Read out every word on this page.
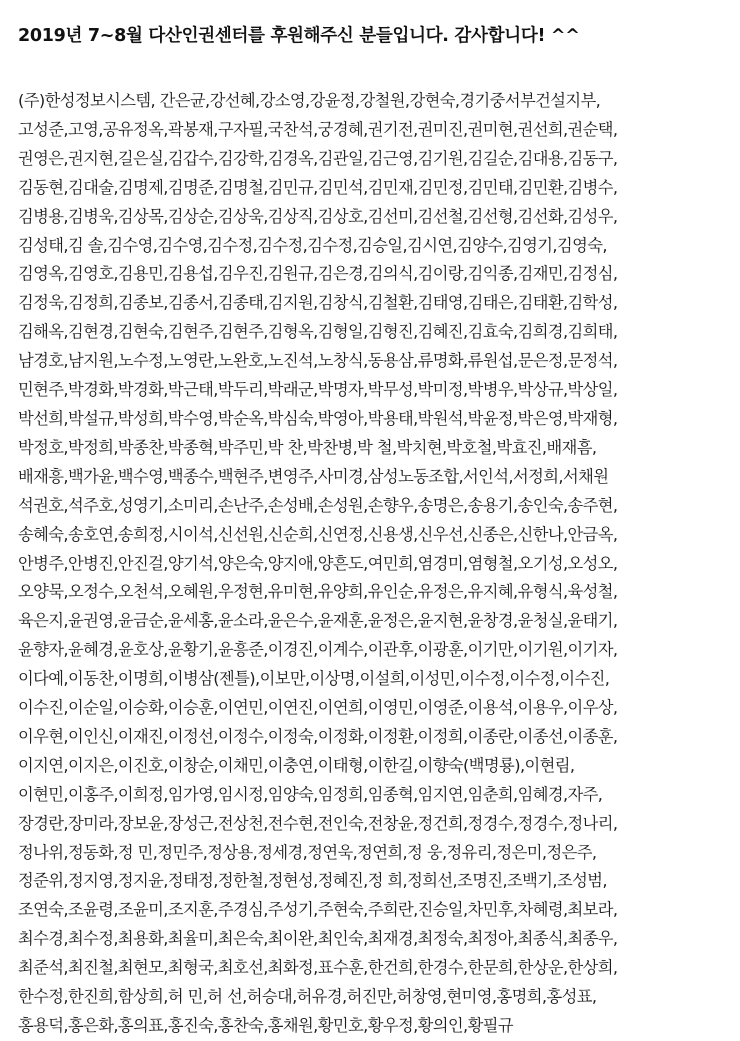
2019년 7~8월 다산인권센터를 후원해주신 분들입니다. 감사합니다! ^^
(주)한성정보시스템, 간은균,강선혜,강소영,강윤정,강철원,강현숙,경기중서부건설지부,
고성준,고영,공유정옥,곽봉재,구자필,국찬석,궁경혜,권기전,권미진,권미현,권선희,권순택,
권영은,권지현,길은실,김갑수,김강학,김경옥,김관일,김근영,김기원,김길순,김대용,김동구,
김동현,김대술,김명제,김명준,김명철,김민규,김민석,김민재,김민정,김민태,김민환,김병수,
김병용,김병욱,김상목,김상순,김상욱,김상직,김상호,김선미,김선철,김선형,김선화,김성우,
김성태,김 솔,김수영,김수영,김수정,김수정,김수정,김승일,김시연,김양수,김영기,김영숙,
김영옥,김영호,김용민,김용섭,김우진,김원규,김은경,김의식,김이랑,김익종,김재민,김정심,
김정욱,김정희,김종보,김종서,김종태,김지원,김창식,김철환,김태영,김태은,김태환,김학성,
김해옥,김현경,김현숙,김현주,김현주,김형옥,김형일,김형진,김혜진,김효숙,김희경,김희태,
남경호,남지원,노수정,노영란,노완호,노진석,노창식,동용삼,류명화,류원섭,문은정,문정석,
민현주,박경화,박경화,박근태,박두리,박래군,박명자,박무성,박미정,박병우,박상규,박상일,
박선희,박설규,박성희,박수영,박순옥,박심숙,박영아,박용태,박원석,박윤정,박은영,박재형,
박정호,박정희,박종찬,박종혁,박주민,박 찬,박찬병,박 철,박치현,박호철,박효진,배재흠,
배재흥,백가윤,백수영,백종수,백현주,변영주,사미경,삼성노동조합,서인석,서정희,서채원
석권호,석주호,성영기,소미리,손난주,손성배,손성원,손향우,송명은,송용기,송인숙,송주현,
송혜숙,송호연,송희정,시이석,신선원,신순희,신연정,신용생,신우선,신종은,신한나,안금옥,
안병주,안병진,안진걸,양기석,양은숙,양지애,양흔도,여민희,염경미,염형철,오기성,오성오,
오양묵,오정수,오천석,오혜원,우정현,유미현,유양희,유인순,유정은,유지혜,유형식,육성철,
육은지,윤권영,윤금순,윤세홍,윤소라,윤은수,윤재훈,윤정은,윤지현,윤창경,윤청실,윤태기,
윤향자,윤혜경,윤호상,윤황기,윤흥준,이경진,이계수,이관후,이광훈,이기만,이기원,이기자,
이다예,이동찬,이명희,이병삼(젠틀),이보만,이상명,이설희,이성민,이수정,이수정,이수진,
이수진,이순일,이승화,이승훈,이연민,이연진,이연희,이영민,이영준,이용석,이용우,이우상,
이우현,이인신,이재진,이정선,이정수,이정숙,이정화,이정환,이정희,이종란,이종선,이종훈,
이지연,이지은,이진호,이창순,이채민,이충연,이태형,이한길,이향숙(백명룡),이현림,
이현민,이홍주,이희정,임가영,임시정,임양숙,임정희,임종혁,임지연,임춘희,임혜경,자주,
장경란,장미라,장보윤,장성근,전상천,전수현,전인숙,전창윤,정건희,정경수,정경수,정나리,
정나위,정동화,정 민,정민주,정상용,정세경,정연욱,정연희,정 웅,정유리,정은미,정은주,
정준위,정지영,정지윤,정태정,정한철,정현성,정혜진,정 희,정희선,조명진,조백기,조성범,
조연숙,조윤령,조윤미,조지훈,주경심,주성기,주현숙,주희란,진승일,차민후,차혜령,최보라,
최수경,최수정,최용화,최율미,최은숙,최이완,최인숙,최재경,최정숙,최정아,최종식,최종우,
최준석,최진철,최현모,최형국,최호선,최화정,표수훈,한건희,한경수,한문희,한상운,한상희,
한수정,한진희,함상희,허 민,허 선,허승대,허유경,허진만,허창영,현미영,홍명희,홍성표,
홍용덕,홍은화,홍의표,홍진숙,홍찬숙,홍채원,황민호,황우정,황의인,황필규
